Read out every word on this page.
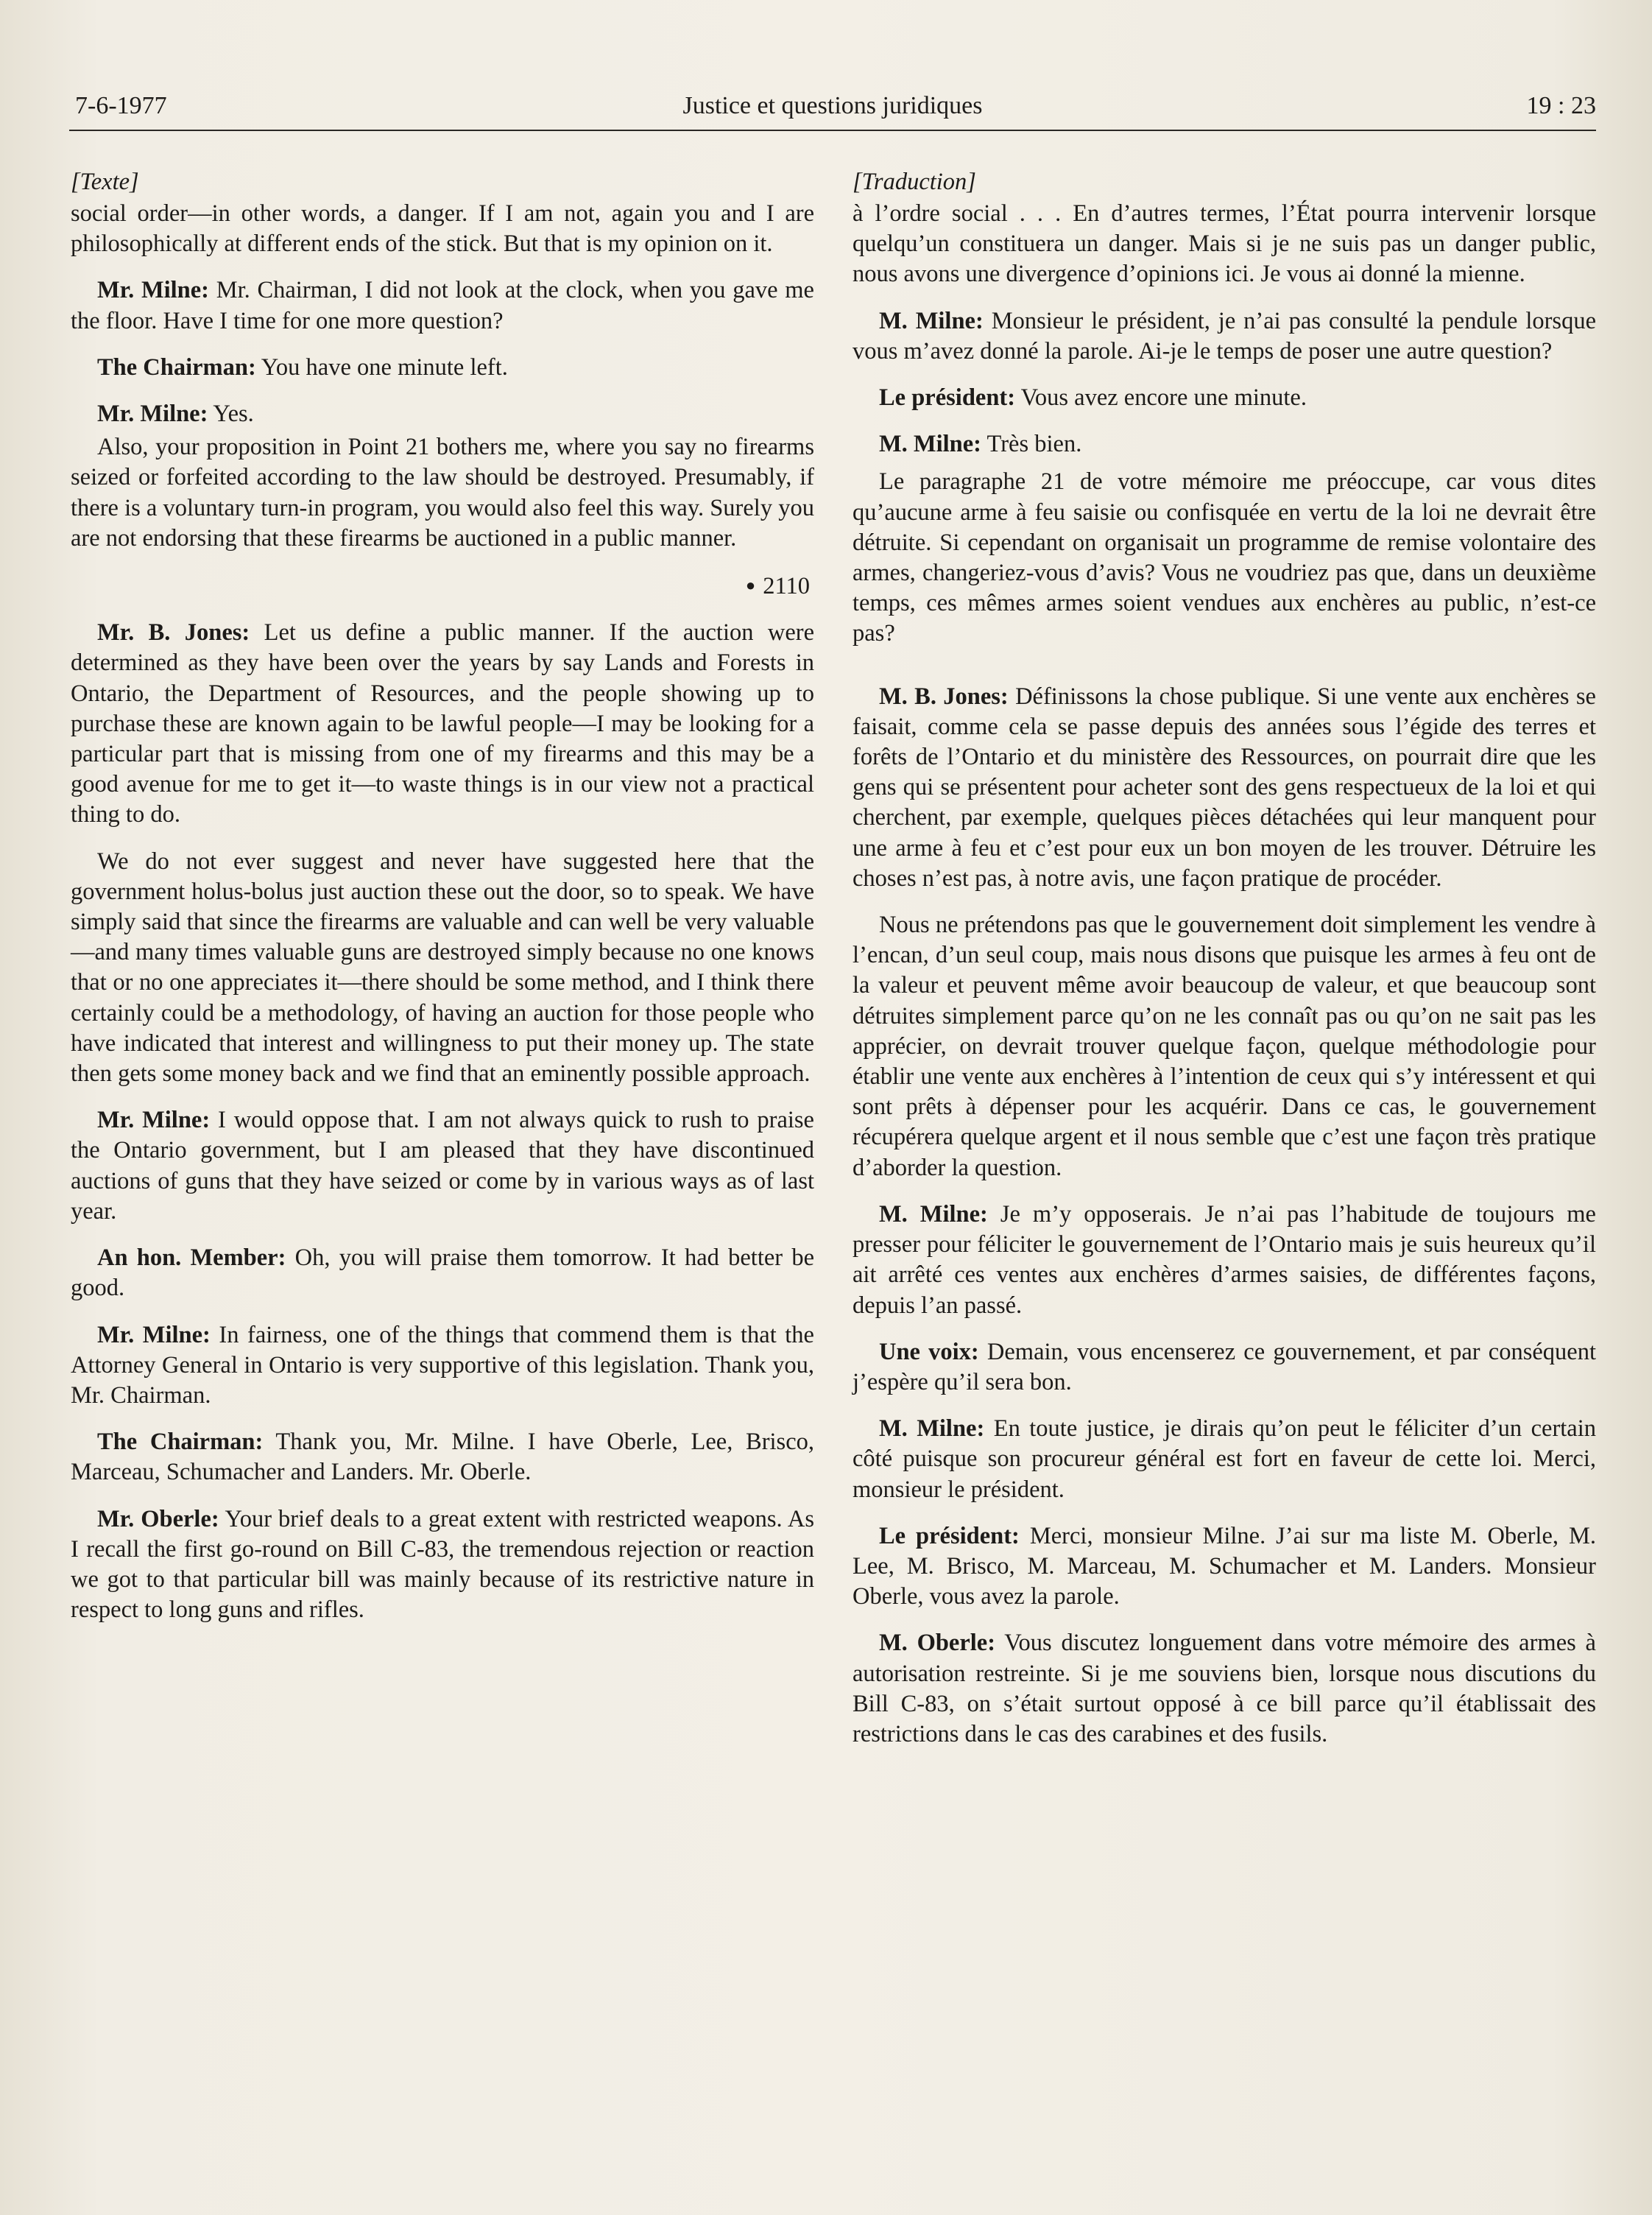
7-6-1977	Justice et questions juridiques	19 : 23
[Texte]

social order—in other words, a danger. If I am not, again you and I are philosophically at different ends of the stick. But that is my opinion on it.

Mr. Milne: Mr. Chairman, I did not look at the clock, when you gave me the floor. Have I time for one more question?

The Chairman: You have one minute left.

Mr. Milne: Yes.

Also, your proposition in Point 21 bothers me, where you say no firearms seized or forfeited according to the law should be destroyed. Presumably, if there is a voluntary turn-in program, you would also feel this way. Surely you are not endorsing that these firearms be auctioned in a public manner.

● 2110

Mr. B. Jones: Let us define a public manner. If the auction were determined as they have been over the years by say Lands and Forests in Ontario, the Department of Resources, and the people showing up to purchase these are known again to be lawful people—I may be looking for a particular part that is missing from one of my firearms and this may be a good avenue for me to get it—to waste things is in our view not a practical thing to do.

We do not ever suggest and never have suggested here that the government holus-bolus just auction these out the door, so to speak. We have simply said that since the firearms are valuable and can well be very valuable—and many times valuable guns are destroyed simply because no one knows that or no one appreciates it—there should be some method, and I think there certainly could be a methodology, of having an auction for those people who have indicated that interest and willingness to put their money up. The state then gets some money back and we find that an eminently possible approach.

Mr. Milne: I would oppose that. I am not always quick to rush to praise the Ontario government, but I am pleased that they have discontinued auctions of guns that they have seized or come by in various ways as of last year.

An hon. Member: Oh, you will praise them tomorrow. It had better be good.

Mr. Milne: In fairness, one of the things that commend them is that the Attorney General in Ontario is very supportive of this legislation. Thank you, Mr. Chairman.

The Chairman: Thank you, Mr. Milne. I have Oberle, Lee, Brisco, Marceau, Schumacher and Landers. Mr. Oberle.

Mr. Oberle: Your brief deals to a great extent with restricted weapons. As I recall the first go-round on Bill C-83, the tremendous rejection or reaction we got to that particular bill was mainly because of its restrictive nature in respect to long guns and rifles.

[Traduction]

à l’ordre social . . . En d’autres termes, l’État pourra intervenir lorsque quelqu’un constituera un danger. Mais si je ne suis pas un danger public, nous avons une divergence d’opinions ici. Je vous ai donné la mienne.

M. Milne: Monsieur le président, je n’ai pas consulté la pendule lorsque vous m’avez donné la parole. Ai-je le temps de poser une autre question?

Le président: Vous avez encore une minute.

M. Milne: Très bien.

Le paragraphe 21 de votre mémoire me préoccupe, car vous dites qu’aucune arme à feu saisie ou confisquée en vertu de la loi ne devrait être détruite. Si cependant on organisait un programme de remise volontaire des armes, changeriez-vous d’avis? Vous ne voudriez pas que, dans un deuxième temps, ces mêmes armes soient vendues aux enchères au public, n’est-ce pas?

M. B. Jones: Définissons la chose publique. Si une vente aux enchères se faisait, comme cela se passe depuis des années sous l’égide des terres et forêts de l’Ontario et du ministère des Ressources, on pourrait dire que les gens qui se présentent pour acheter sont des gens respectueux de la loi et qui cherchent, par exemple, quelques pièces détachées qui leur manquent pour une arme à feu et c’est pour eux un bon moyen de les trouver. Détruire les choses n’est pas, à notre avis, une façon pratique de procéder.

Nous ne prétendons pas que le gouvernement doit simplement les vendre à l’encan, d’un seul coup, mais nous disons que puisque les armes à feu ont de la valeur et peuvent même avoir beaucoup de valeur, et que beaucoup sont détruites simplement parce qu’on ne les connaît pas ou qu’on ne sait pas les apprécier, on devrait trouver quelque façon, quelque méthodologie pour établir une vente aux enchères à l’intention de ceux qui s’y intéressent et qui sont prêts à dépenser pour les acquérir. Dans ce cas, le gouvernement récupérera quelque argent et il nous semble que c’est une façon très pratique d’aborder la question.

M. Milne: Je m’y opposerais. Je n’ai pas l’habitude de toujours me presser pour féliciter le gouvernement de l’Ontario mais je suis heureux qu’il ait arrêté ces ventes aux enchères d’armes saisies, de différentes façons, depuis l’an passé.

Une voix: Demain, vous encenserez ce gouvernement, et par conséquent j’espère qu’il sera bon.

M. Milne: En toute justice, je dirais qu’on peut le féliciter d’un certain côté puisque son procureur général est fort en faveur de cette loi. Merci, monsieur le président.

Le président: Merci, monsieur Milne. J’ai sur ma liste M. Oberle, M. Lee, M. Brisco, M. Marceau, M. Schumacher et M. Landers. Monsieur Oberle, vous avez la parole.

M. Oberle: Vous discutez longuement dans votre mémoire des armes à autorisation restreinte. Si je me souviens bien, lorsque nous discutions du Bill C-83, on s’était surtout opposé à ce bill parce qu’il établissait des restrictions dans le cas des carabines et des fusils.
